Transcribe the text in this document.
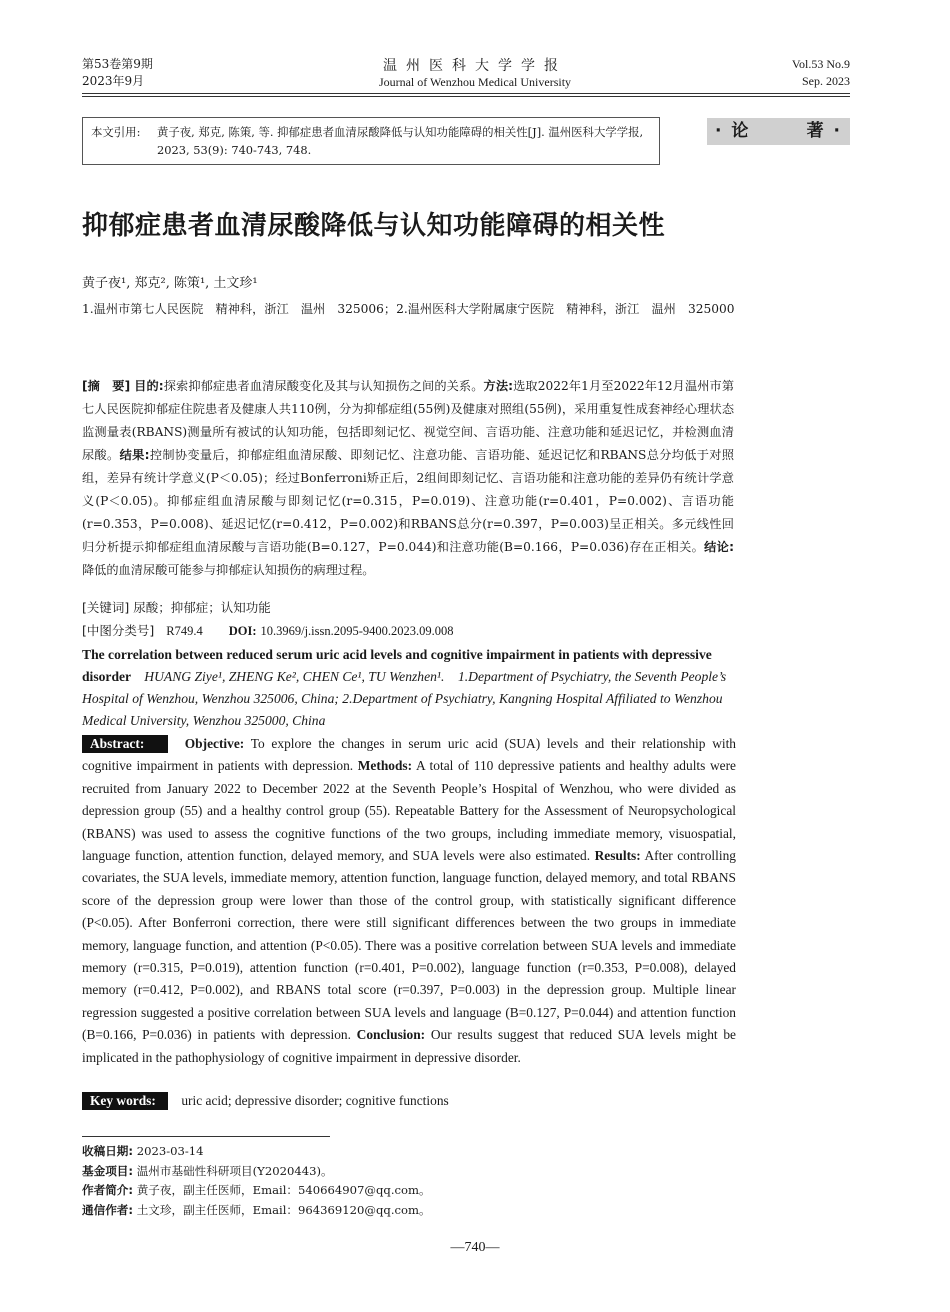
第53卷第9期
2023年9月
温州医科大学学报
Journal of Wenzhou Medical University
Vol.53 No.9
Sep. 2023
本文引用:	黄子夜, 郑克, 陈策, 等. 抑郁症患者血清尿酸降低与认知功能障碍的相关性[J]. 温州医科大学学报, 2023, 53(9): 740-743, 748.
· 论	著 ·
抑郁症患者血清尿酸降低与认知功能障碍的相关性
黄子夜¹, 郑克², 陈策¹, 土文珍¹
1.温州市第七人民医院　精神科，浙江　温州　325006；2.温州医科大学附属康宁医院　精神科，浙江　温州　325000
[摘　要] 目的:探索抑郁症患者血清尿酸变化及其与认知损伤之间的关系。方法:选取2022年1月至2022年12月温州市第七人民医院抑郁症住院患者及健康人共110例，分为抑郁症组(55例)及健康对照组(55例)，采用重复性成套神经心理状态监测量表(RBANS)测量所有被试的认知功能，包括即刻记忆、视觉空间、言语功能、注意功能和延迟记忆，并检测血清尿酸。结果:控制协变量后，抑郁症组血清尿酸、即刻记忆、注意功能、言语功能、延迟记忆和RBANS总分均低于对照组，差异有统计学意义(P＜0.05)；经过Bonferroni矫正后，2组间即刻记忆、言语功能和注意功能的差异仍有统计学意义(P＜0.05)。抑郁症组血清尿酸与即刻记忆(r=0.315，P=0.019)、注意功能(r=0.401，P=0.002)、言语功能(r=0.353，P=0.008)、延迟记忆(r=0.412，P=0.002)和RBANS总分(r=0.397，P=0.003)呈正相关。多元线性回归分析提示抑郁症组血清尿酸与言语功能(B=0.127，P=0.044)和注意功能(B=0.166，P=0.036)存在正相关。结论:降低的血清尿酸可能参与抑郁症认知损伤的病理过程。
[关键词] 尿酸；抑郁症；认知功能
[中图分类号] R749.4 DOI: 10.3969/j.issn.2095-9400.2023.09.008
The correlation between reduced serum uric acid levels and cognitive impairment in patients with depressive disorder HUANG Ziye¹, ZHENG Ke², CHEN Ce¹, TU Wenzhen¹.　1.Department of Psychiatry, the Seventh People’s Hospital of Wenzhou, Wenzhou 325006, China; 2.Department of Psychiatry, Kangning Hospital Affiliated to Wenzhou Medical University, Wenzhou 325000, China
Abstract:	Objective: To explore the changes in serum uric acid (SUA) levels and their relationship with cognitive impairment in patients with depression. Methods: A total of 110 depressive patients and healthy adults were recruited from January 2022 to December 2022 at the Seventh People’s Hospital of Wenzhou, who were divided as depression group (55) and a healthy control group (55). Repeatable Battery for the Assessment of Neuropsychological (RBANS) was used to assess the cognitive functions of the two groups, including immediate memory, visuospatial, language function, attention function, delayed memory, and SUA levels were also estimated. Results: After controlling covariates, the SUA levels, immediate memory, attention function, language function, delayed memory, and total RBANS score of the depression group were lower than those of the control group, with statistically significant difference (P<0.05). After Bonferroni correction, there were still significant differences between the two groups in immediate memory, language function, and attention (P<0.05). There was a positive correlation between SUA levels and immediate memory (r=0.315, P=0.019), attention function (r=0.401, P=0.002), language function (r=0.353, P=0.008), delayed memory (r=0.412, P=0.002), and RBANS total score (r=0.397, P=0.003) in the depression group. Multiple linear regression suggested a positive correlation between SUA levels and language (B=0.127, P=0.044) and attention function (B=0.166, P=0.036) in patients with depression. Conclusion: Our results suggest that reduced SUA levels might be implicated in the pathophysiology of cognitive impairment in depressive disorder.
Key words: uric acid; depressive disorder; cognitive functions
收稿日期: 2023-03-14
基金项目: 温州市基础性科研项目(Y2020443)。
作者简介: 黄子夜，副主任医师，Email：540664907@qq.com。
通信作者: 土文珍，副主任医师，Email：964369120@qq.com。
—740—
